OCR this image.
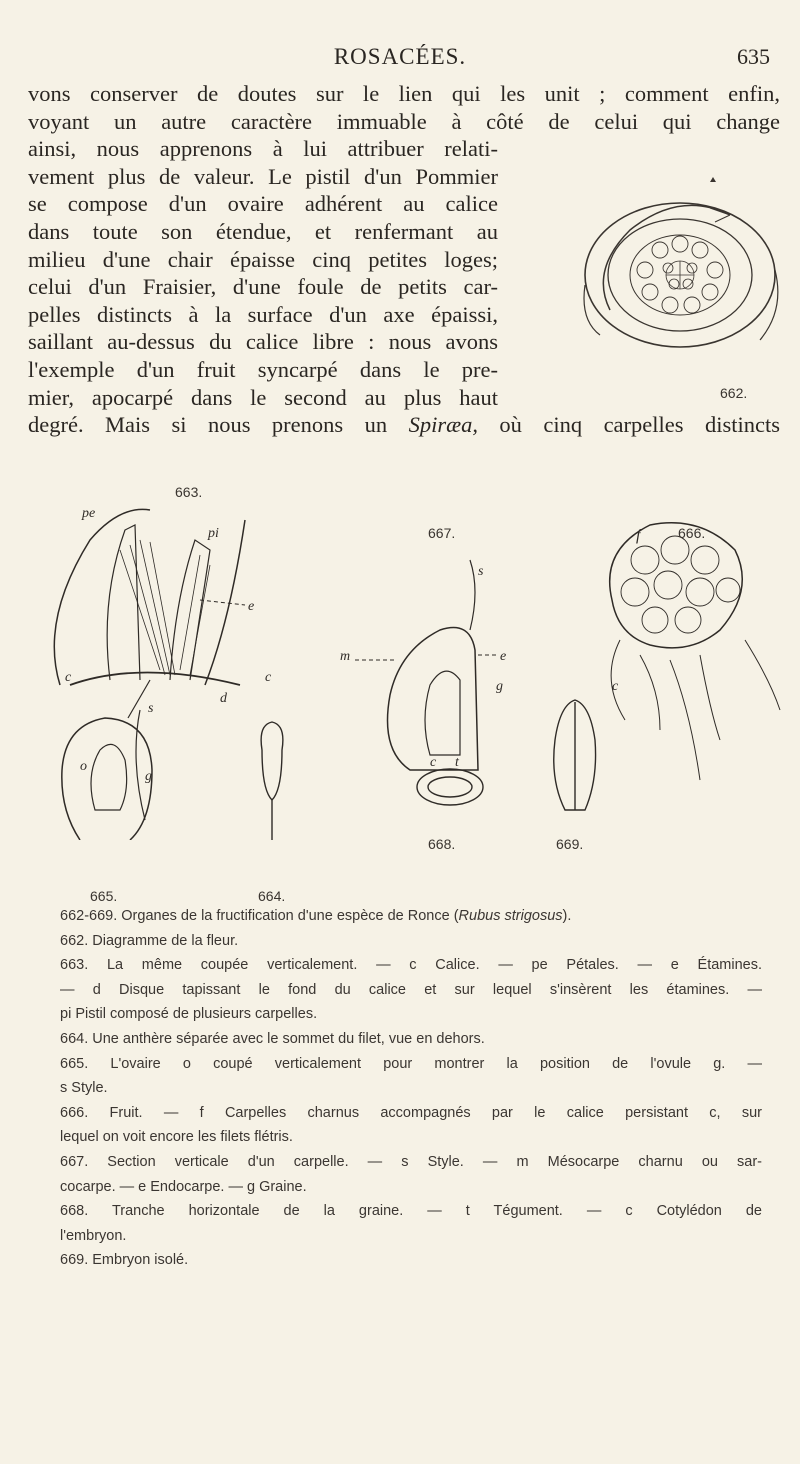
ROSACÉES.	635
vons conserver de doutes sur le lien qui les unit ; comment enfin,
voyant un autre caractère immuable à côté de celui qui change
ainsi, nous apprenons à lui attribuer relati-
vement plus de valeur. Le pistil d'un Pommier
se compose d'un ovaire adhérent au calice
dans toute son étendue, et renfermant au
milieu d'une chair épaisse cinq petites loges;
celui d'un Fraisier, d'une foule de petits car-
pelles distincts à la surface d'un axe épaissi,
saillant au-dessus du calice libre : nous avons
l'exemple d'un fruit syncarpé dans le pre-
mier, apocarpé dans le second au plus haut
degré. Mais si nous prenons un Spiræa, où cinq carpelles distincts
662.
pe
pi
e
c	c
d
s
o
g
s
m	e
g
c t
f
c
663.
667.	666.
668.	669.
665.	664.
662-669. Organes de la fructification d'une espèce de Ronce (Rubus strigosus).
662. Diagramme de la fleur.
663. La même coupée verticalement. — c Calice. — pe Pétales. — e Étamines.
— d Disque tapissant le fond du calice et sur lequel s'insèrent les étamines. —
pi Pistil composé de plusieurs carpelles.
664. Une anthère séparée avec le sommet du filet, vue en dehors.
665. L'ovaire o coupé verticalement pour montrer la position de l'ovule g. —
s Style.
666. Fruit. — f Carpelles charnus accompagnés par le calice persistant c, sur
lequel on voit encore les filets flétris.
667. Section verticale d'un carpelle. — s Style. — m Mésocarpe charnu ou sar-
cocarpe. — e Endocarpe. — g Graine.
668. Tranche horizontale de la graine. — t Tégument. — c Cotylédon de
l'embryon.
669. Embryon isolé.
